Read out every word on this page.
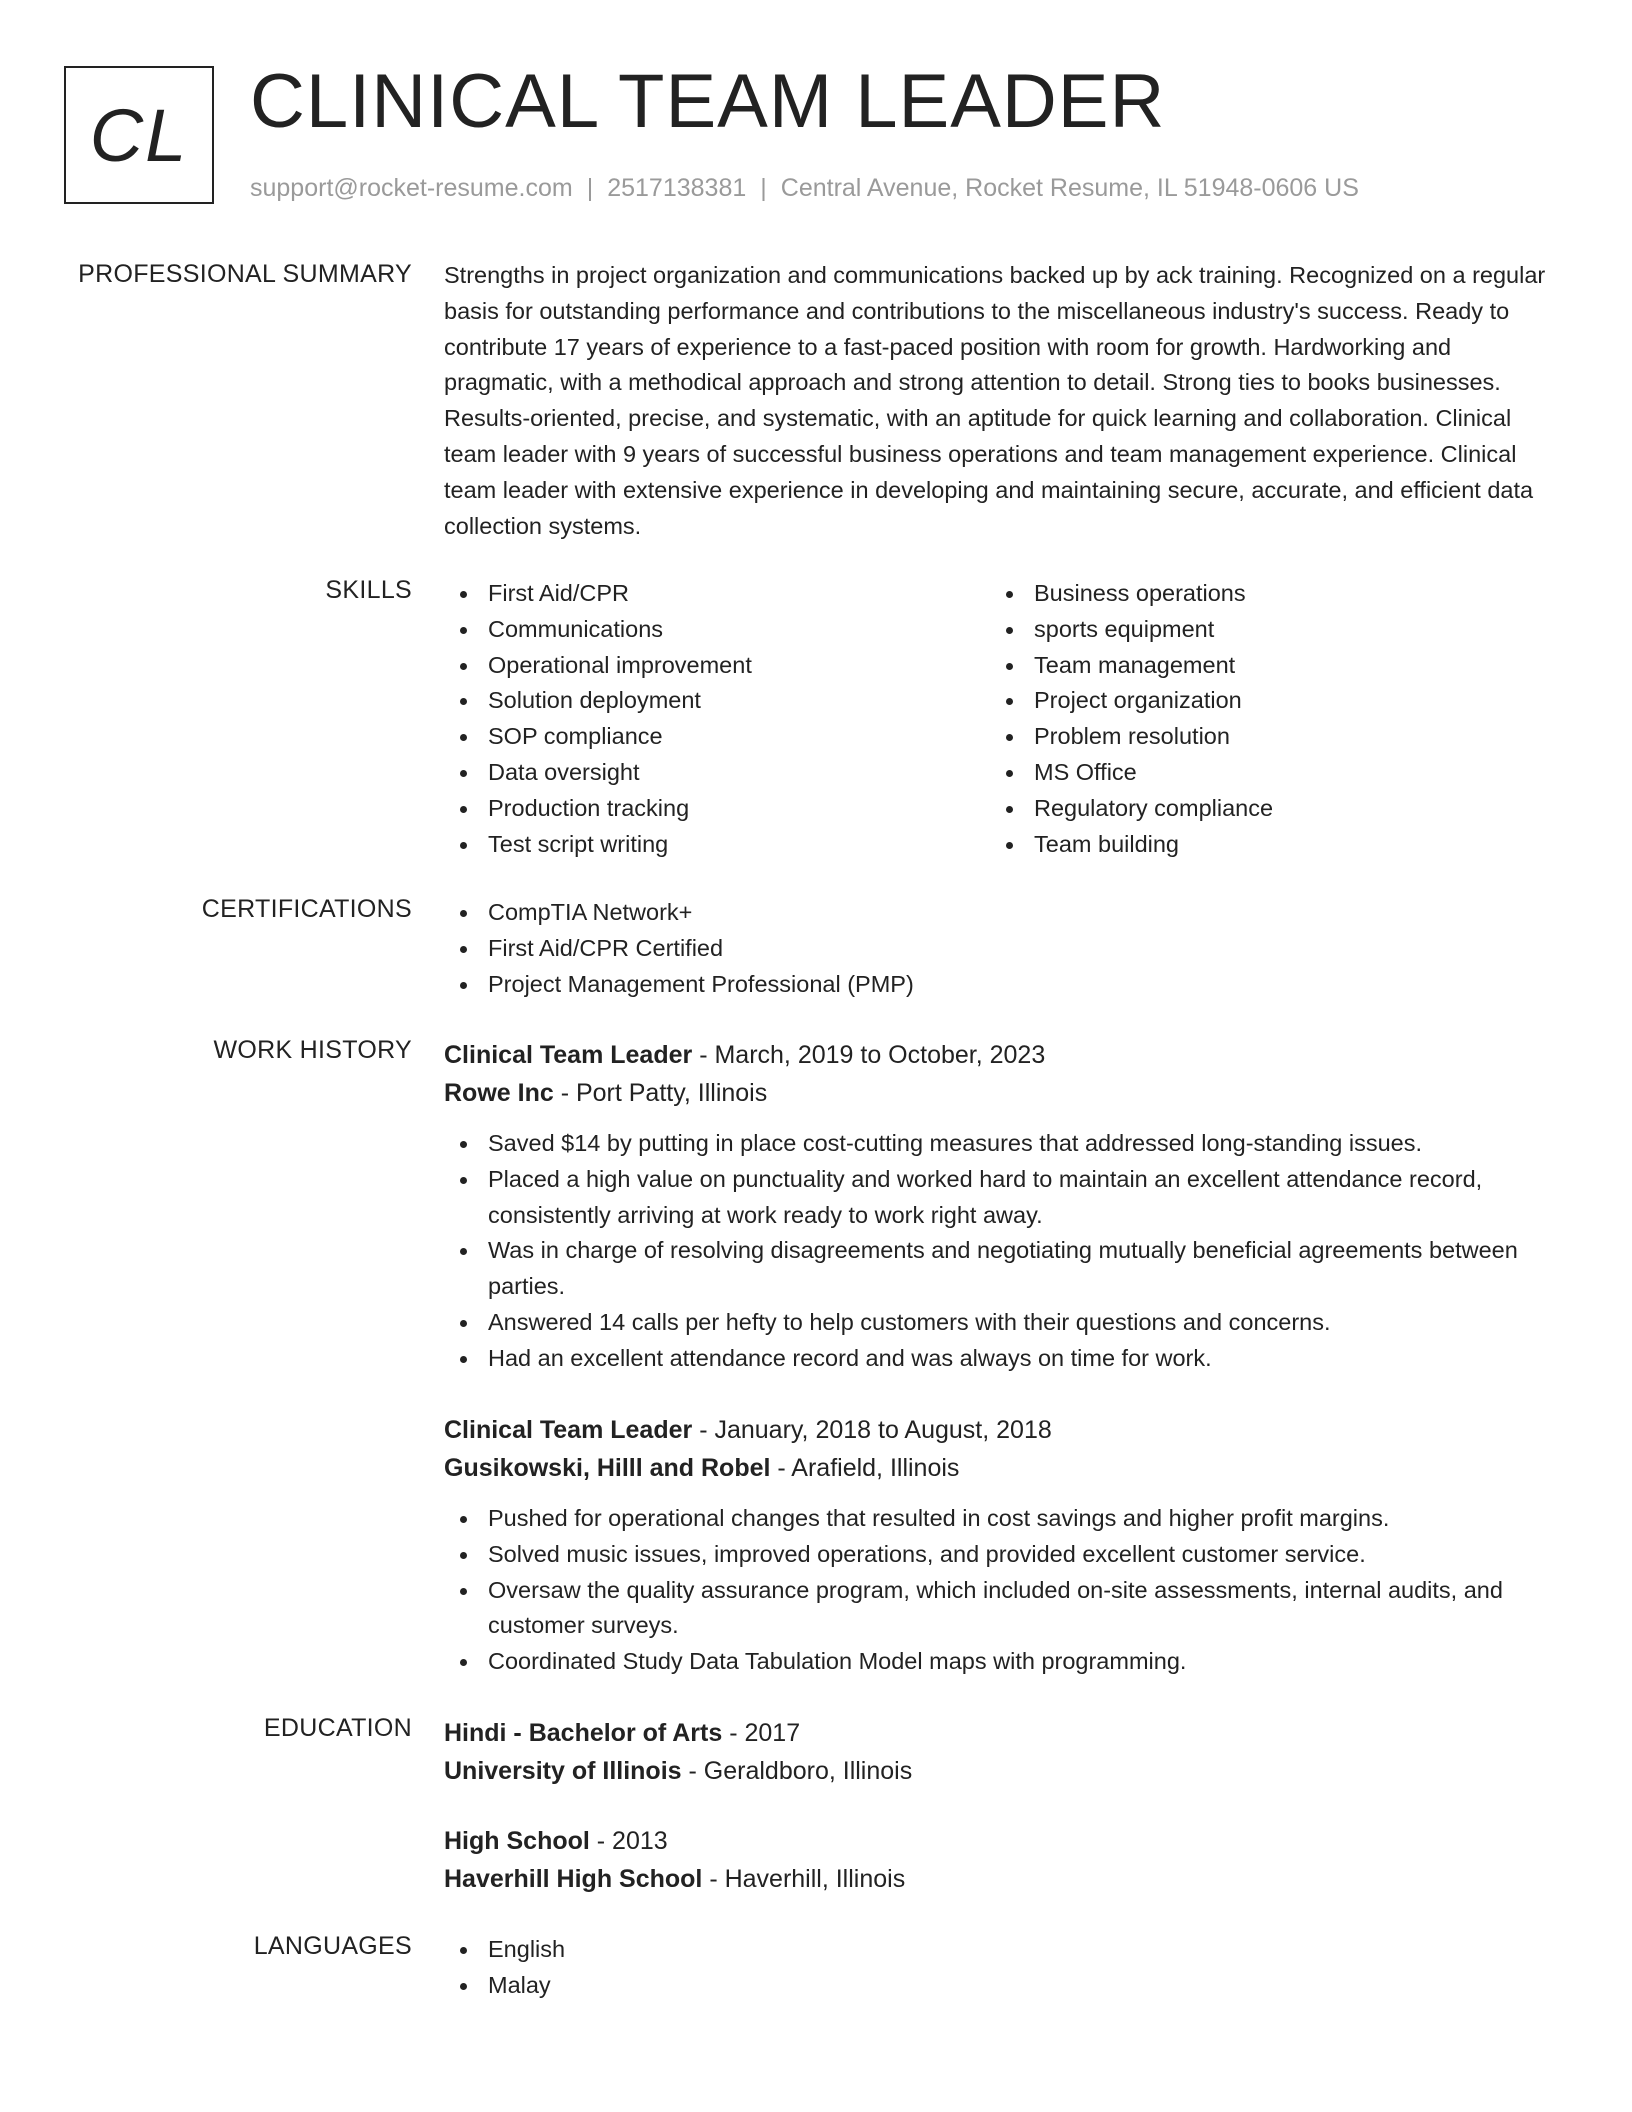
CL CLINICAL TEAM LEADER
support@rocket-resume.com | 2517138381 | Central Avenue, Rocket Resume, IL 51948-0606 US
PROFESSIONAL SUMMARY Strengths in project organization and communications backed up by ack training. Recognized on a regular basis for outstanding performance and contributions to the miscellaneous industry's success. Ready to contribute 17 years of experience to a fast-paced position with room for growth. Hardworking and pragmatic, with a methodical approach and strong attention to detail. Strong ties to books businesses. Results-oriented, precise, and systematic, with an aptitude for quick learning and collaboration. Clinical team leader with 9 years of successful business operations and team management experience. Clinical team leader with extensive experience in developing and maintaining secure, accurate, and efficient data collection systems.

SKILLS	First Aid/CPR
Communications
Operational improvement
Solution deployment
SOP compliance
Data oversight
Production tracking
Test script writing
Business operations
sports equipment
Team management
Project organization
Problem resolution
MS Office
Regulatory compliance
Team building
CERTIFICATIONS	CompTIA Network+
First Aid/CPR Certified
Project Management Professional (PMP)
WORK HISTORY Clinical Team Leader - March, 2019 to October, 2023
Rowe Inc - Port Patty, Illinois
Saved $14 by putting in place cost-cutting measures that addressed long-standing issues.
Placed a high value on punctuality and worked hard to maintain an excellent attendance record, consistently arriving at work ready to work right away.
Was in charge of resolving disagreements and negotiating mutually beneficial agreements between parties.
Answered 14 calls per hefty to help customers with their questions and concerns.
Had an excellent attendance record and was always on time for work.
Clinical Team Leader - January, 2018 to August, 2018
Gusikowski, Hilll and Robel - Arafield, Illinois
Pushed for operational changes that resulted in cost savings and higher profit margins.
Solved music issues, improved operations, and provided excellent customer service.
Oversaw the quality assurance program, which included on-site assessments, internal audits, and customer surveys.
Coordinated Study Data Tabulation Model maps with programming.
EDUCATION Hindi - Bachelor of Arts - 2017
University of Illinois - Geraldboro, Illinois
High School - 2013
Haverhill High School - Haverhill, Illinois
LANGUAGES	English
Malay
